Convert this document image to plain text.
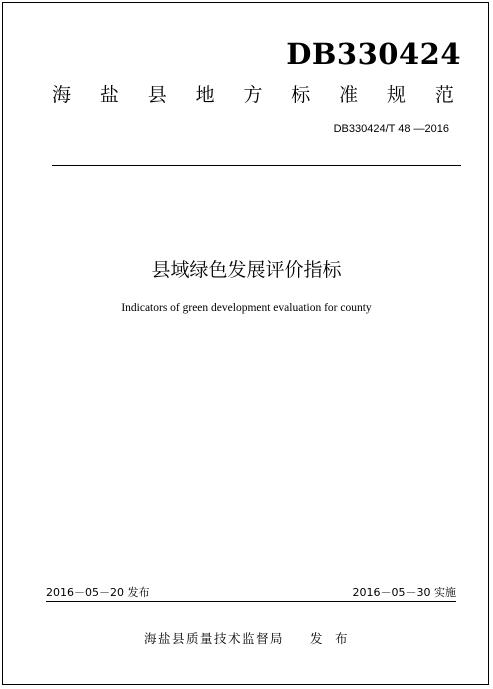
DB330424
海 盐 县 地 方 标 准 规 范
DB330424/T 48 —2016
县域绿色发展评价指标
Indicators of green development evaluation for county
2016－05－20 发布	2016－05－30 实施
海盐县质量技术监督局 发  布
